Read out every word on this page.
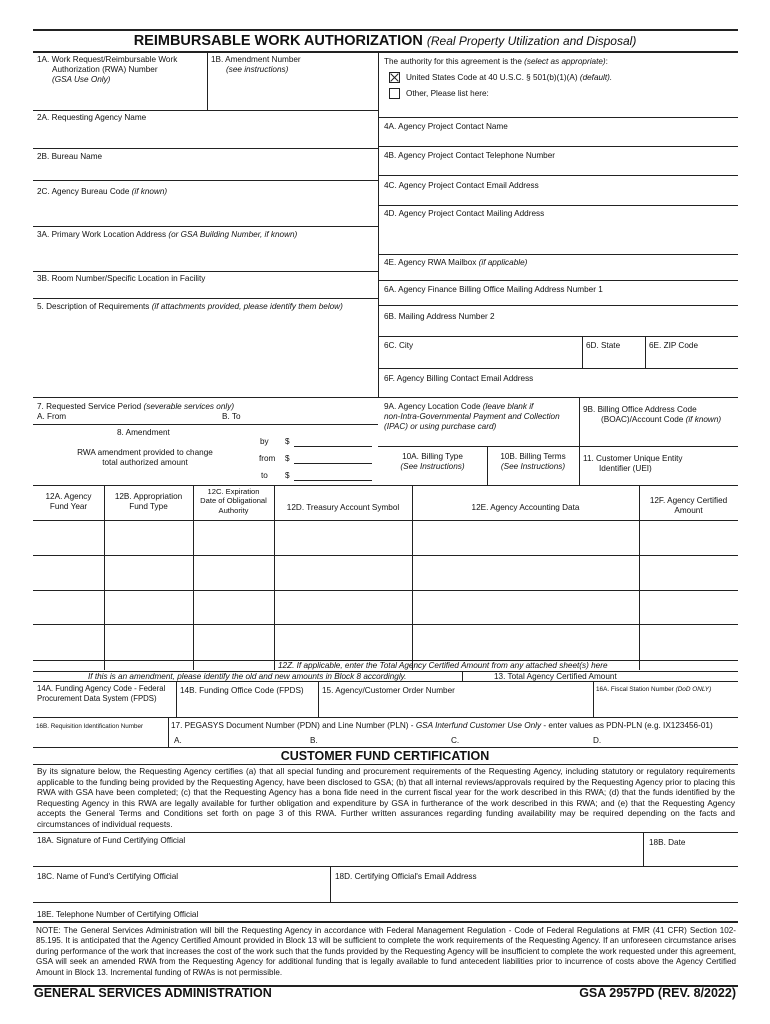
REIMBURSABLE WORK AUTHORIZATION (Real Property Utilization and Disposal)
1A. Work Request/Reimbursable Work
Authorization (RWA) Number
(GSA Use Only)
1B. Amendment Number
(see instructions)
2A. Requesting Agency Name
2B. Bureau Name
2C. Agency Bureau Code (if known)
3A. Primary Work Location Address (or GSA Building Number, if known)
3B. Room Number/Specific Location in Facility
5. Description of Requirements (if attachments provided, please identify them below)
The authority for this agreement is the (select as appropriate):
United States Code at 40 U.S.C. § 501(b)(1)(A) (default).
Other, Please list here:
4A. Agency Project Contact Name
4B. Agency Project Contact Telephone Number
4C. Agency Project Contact Email Address
4D. Agency Project Contact Mailing Address
4E. Agency RWA Mailbox (if applicable)
6A. Agency Finance Billing Office Mailing Address Number 1
6B. Mailing Address Number 2
6C. City	6D. State	6E. ZIP Code
6F. Agency Billing Contact Email Address
7. Requested Service Period (severable services only)
A. From	B. To
8. Amendment
RWA amendment provided to change
total authorized amount
by $
from $
to $
9A. Agency Location Code (leave blank if
non-Intra-Governmental Payment and Collection
(IPAC) or using purchase card)
9B. Billing Office Address Code
(BOAC)/Account Code (if known)
10A. Billing Type
(See Instructions)
10B. Billing Terms
(See Instructions)
11. Customer Unique Entity
Identifier (UEI)
12A. Agency
Fund Year
12B. Appropriation
Fund Type
12C. Expiration
Date of Obligational
Authority	12D. Treasury Account Symbol	12E. Agency Accounting Data
12F. Agency Certified
Amount
12Z. If applicable, enter the Total Agency Certified Amount from any attached sheet(s) here
If this is an amendment, please identify the old and new amounts in Block 8 accordingly.	13. Total Agency Certified Amount
14A. Funding Agency Code - Federal
Procurement Data System (FPDS)
14B. Funding Office Code (FPDS) 15. Agency/Customer Order Number	16A. Fiscal Station Number (DoD ONLY)
16B. Requisition Identification Number	17. PEGASYS Document Number (PDN) and Line Number (PLN) - GSA Interfund Customer Use Only - enter values as PDN-PLN (e.g. IX123456-01)
A.	B.	C.	D.
CUSTOMER FUND CERTIFICATION
By its signature below, the Requesting Agency certifies (a) that all special funding and procurement requirements of the Requesting Agency, including statutory or regulatory requirements applicable to the funding being provided by the Requesting Agency, have been disclosed to GSA; (b) that all internal reviews/approvals required by the Requesting Agency prior to placing this RWA with GSA have been completed; (c) that the Requesting Agency has a bona fide need in the current fiscal year for the work described in this RWA; (d) that the funds identified by the Requesting Agency in this RWA are legally available for further obligation and expenditure by GSA in furtherance of the work described in this RWA; and (e) that the Requesting Agency accepts the General Terms and Conditions set forth on page 3 of this RWA. Further written assurances regarding funding availability may be required depending on the facts and circumstances of individual requests.
18A. Signature of Fund Certifying Official	18B. Date
18C. Name of Fund's Certifying Official	18D. Certifying Official's Email Address
18E. Telephone Number of Certifying Official
NOTE: The General Services Administration will bill the Requesting Agency in accordance with Federal Management Regulation - Code of Federal Regulations at FMR (41 CFR) Section 102-85.195. It is anticipated that the Agency Certified Amount provided in Block 13 will be sufficient to complete the work requirements of the Requesting Agency. If an unforeseen circumstance arises during performance of the work that increases the cost of the work such that the funds provided by the Requesting Agency will be insufficient to complete the work requested under this agreement, GSA will seek an amended RWA from the Requesting Agency for additional funding that is legally available to fund antecedent liabilities prior to incurrence of costs above the Agency Certified Amount in Block 13. Incremental funding of RWAs is not permissible.
GENERAL SERVICES ADMINISTRATION	GSA 2957PD (REV. 8/2022)
